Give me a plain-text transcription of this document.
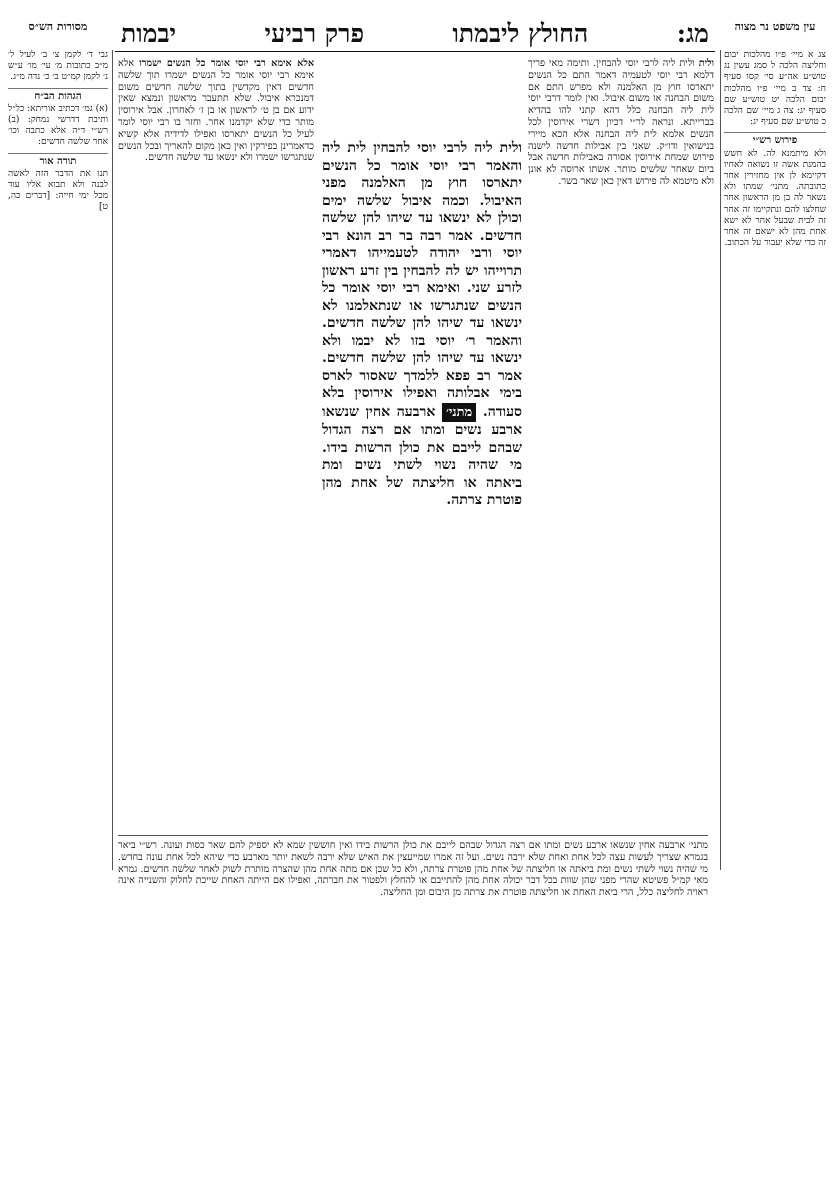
מג:
החולץ ליבמתו
פרק רביעי
יבמות	עין משפט נר מצוה
צג א מיי׳ פ״ו מהלכות יבום וחליצה הלכה ל סמג עשין נג טוש״ע אה״ע סי׳ קסו סעיף ח: צד ב מיי׳ פ״ו מהלכות יבום הלכה יט טוש״ע שם סעיף יג: צה ג מיי׳ שם הלכה כ טוש״ע שם סעיף יג:
פירוש רש״י
ולא מיתמנא לה. לא חשש בהמנת אשה זו נשואה לאחיו דקיימא לן אין מחזירין אחר כתובתה. מתני׳ שמתו ולא נשאר לה בן מן הראשון אחר שחלצו להם ונתקיימו זה אחר זה לבית שבעל אחר לא ישא אחת מהן לא ישאם זה אחר זה כדי שלא יעבור על הכתוב.
מסורות הש״ס
גבי ד׳ לקמן צ׳ ב׳ לעיל ל׳ מ״ב כתובות מ׳ עי׳ מו׳ ע״ש נ׳ לקמן קמ״ט ב׳ כ׳ נדה מ״ג.
הגהות הב״ח
(א) גמ׳ דכתיב אוריתא: כל״ל ותיבת דדרשי נמחק: (ב) רש״י ד״ה אלא כתבה וכו׳ אחר שלשה חדשים:
תורה אור
תנו את הדבר הזה לאשה לבנה ולא תבוא אליו עוד מכל ימי חייה: [דברים כה, ט]
ולית ולית ליה לרבי יוסי להבחין. ותימה מאי פריך דלמא רבי יוסי לטעמיה דאמר התם כל הנשים יתארסו חוץ מן האלמנה ולא מפרש התם אם משום הבחנה או משום איבול. ואין לומר דרבי יוסי לית ליה הבחנה כלל דהא קתני להו בהדיא בברייתא. ונראה לר״י דכיון דשרי אירוסין לכל הנשים אלמא לית ליה הבחנה אלא הכא מיירי בנישואין ודו״ק. שאני בין אבילות חדשה לישנה פירוש שמחת אירוסין אסורה באבילות חדשה אבל ביום שאחר שלשים מותר. אשתו ארוסה לא אונן ולא מיטמא לה פירוש דאין כאן שאר בשר.
אלא אימא רבי יוסי אומר כל הנשים ישמרו אלא אימא רבי יוסי אומר כל הנשים ישמרו תוך שלשה חדשים דאין מקדשין בתוך שלשה חדשים משום דמנכרא איבול. שלא תתעבר מראשון ונמצא שאין ידוע אם בן ט׳ לראשון או בן ז׳ לאחרון. אבל אירוסין מותר כדי שלא יקדמנו אחר. וחזר בו רבי יוסי לומר לעיל כל הנשים יתארסו ואפילו לדידיה אלא קשיא כדאמרינן בפירקין ואין כאן מקום להאריך ובכל הנשים שנתגרשו ישמרו ולא ינשאו עד שלשה חדשים.
ולית ליה לרבי יוסי להבחין לית ליה והאמר רבי יוסי אומר כל הנשים יתארסו חוץ מן האלמנה מפני האיבול. וכמה איבול שלשה ימים וכולן לא ינשאו עד שיהו להן שלשה חדשים. אמר רבה בר רב הונא רבי יוסי ורבי יהודה לטעמייהו דאמרי תרוייהו יש לה להבחין בין זרע ראשון לזרע שני. ואימא רבי יוסי אומר כל הנשים שנתגרשו או שנתאלמנו לא ינשאו עד שיהו להן שלשה חדשים. והאמר ר׳ יוסי בזו לא יבמו ולא ינשאו עד שיהו להן שלשה חדשים. אמר רב פפא ללמדך שאסור לארס בימי אבלותה ואפילו אירוסין בלא סעודה. מתני׳ ארבעה אחין שנשאו ארבע נשים ומתו אם רצה הגדול שבהם לייבם את כולן הרשות בידו. מי שהיה נשוי לשתי נשים ומת ביאתה או חליצתה של אחת מהן פוטרת צרתה.
מתני׳ ארבעה אחין שנשאו ארבע נשים ומתו אם רצה הגדול שבהם לייבם את כולן הרשות בידו ואין חוששין שמא לא יספיק להם שאר כסות ועונה. רש״י ביאר בגמרא שצריך לעשות עצה לכל אחת ואחת שלא ירבה נשים. ועל זה אמרו שמייעצין את האיש שלא ירבה לשאת יותר מארבע כדי שיהא לכל אחת עונה בחדש. מי שהיה נשוי לשתי נשים ומת ביאתה או חליצתה של אחת מהן פוטרת צרתה, ולא כל שכן אם מתה אחת מהן שהצרה מותרת לשוק לאחר שלשה חדשים. גמרא מאי קמ״ל פשיטא שהרי מפני שהן שוות בכל דבר יכולה אחת מהן להתייבם או להחלץ ולפטור את חברתה, ואפילו אם הייתה האחת שייכת לחלוק והשנייה אינה ראויה לחליצה כלל, הרי ביאת האחת או חליצתה פוטרת את צרתה מן היבום ומן החליצה.
